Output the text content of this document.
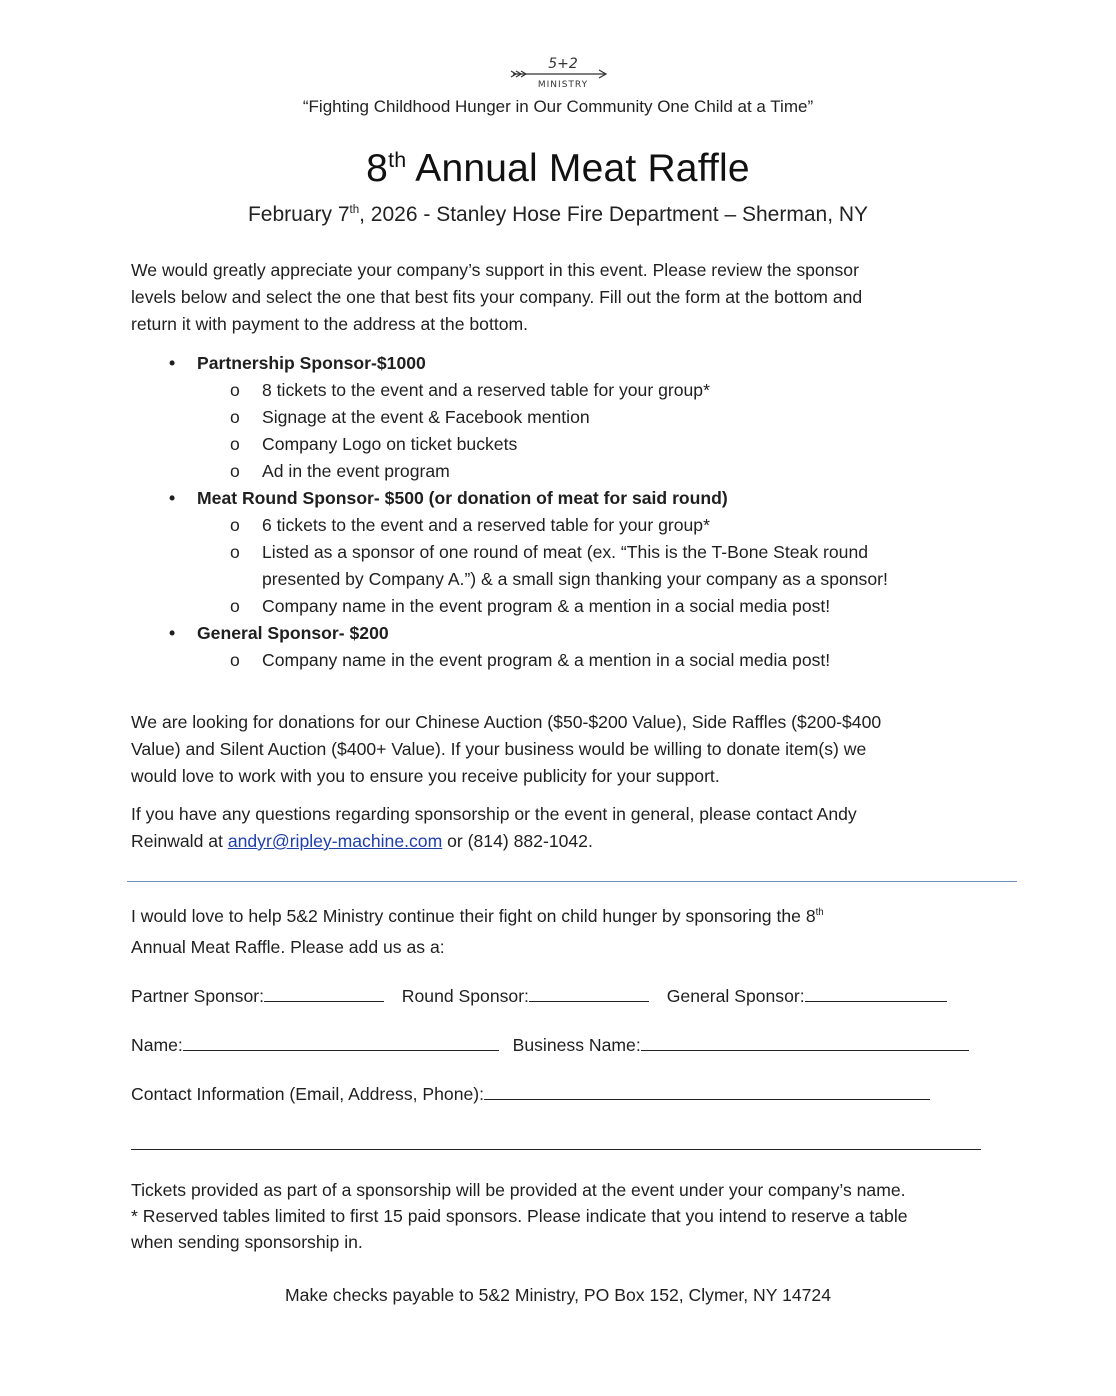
5+2
MINISTRY
“Fighting Childhood Hunger in Our Community One Child at a Time”
8th Annual Meat Raffle
February 7th, 2026 - Stanley Hose Fire Department – Sherman, NY
We would greatly appreciate your company’s support in this event. Please review the sponsor
levels below and select the one that best fits your company. Fill out the form at the bottom and
return it with payment to the address at the bottom.
• Partnership Sponsor-$1000
o 8 tickets to the event and a reserved table for your group*
o Signage at the event & Facebook mention
o Company Logo on ticket buckets
o Ad in the event program
• Meat Round Sponsor- $500 (or donation of meat for said round)
o 6 tickets to the event and a reserved table for your group*
o Listed as a sponsor of one round of meat (ex. “This is the T-Bone Steak round
presented by Company A.”) & a small sign thanking your company as a sponsor!
o Company name in the event program & a mention in a social media post!
• General Sponsor- $200
o Company name in the event program & a mention in a social media post!
We are looking for donations for our Chinese Auction ($50-$200 Value), Side Raffles ($200-$400
Value) and Silent Auction ($400+ Value). If your business would be willing to donate item(s) we
would love to work with you to ensure you receive publicity for your support.
If you have any questions regarding sponsorship or the event in general, please contact Andy
Reinwald at andyr@ripley-machine.com or (814) 882-1042.
I would love to help 5&2 Ministry continue their fight on child hunger by sponsoring the 8th
Annual Meat Raffle. Please add us as a:
Partner Sponsor:	Round Sponsor:	General Sponsor:
Name:	Business Name:
Contact Information (Email, Address, Phone):
Tickets provided as part of a sponsorship will be provided at the event under your company’s name.
* Reserved tables limited to first 15 paid sponsors. Please indicate that you intend to reserve a table
when sending sponsorship in.
Make checks payable to 5&2 Ministry, PO Box 152, Clymer, NY 14724
